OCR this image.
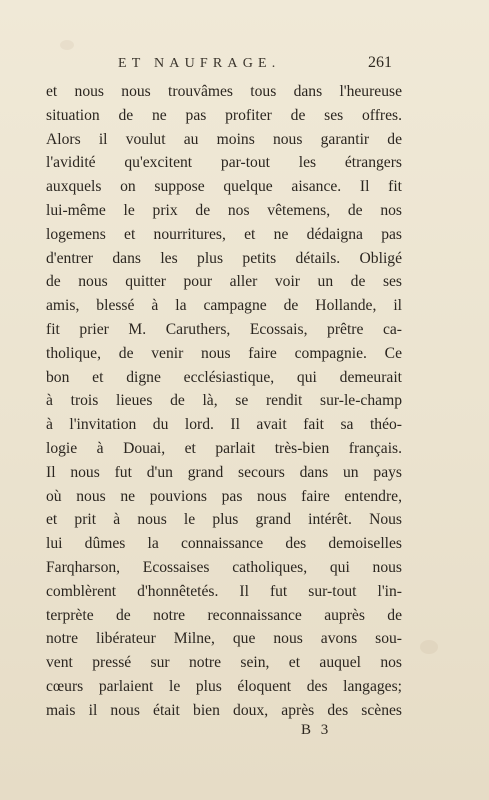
ET NAUFRAGE.	261
et nous nous trouvâmes tous dans l'heureuse
situation de ne pas profiter de ses offres.
Alors il voulut au moins nous garantir de
l'avidité qu'excitent par-tout les étrangers
auxquels on suppose quelque aisance. Il fit
lui-même le prix de nos vêtemens, de nos
logemens et nourritures, et ne dédaigna pas
d'entrer dans les plus petits détails. Obligé
de nous quitter pour aller voir un de ses
amis, blessé à la campagne de Hollande, il
fit prier M. Caruthers, Ecossais, prêtre ca-
tholique, de venir nous faire compagnie. Ce
bon et digne ecclésiastique, qui demeurait
à trois lieues de là, se rendit sur-le-champ
à l'invitation du lord. Il avait fait sa théo-
logie à Douai, et parlait très-bien français.
Il nous fut d'un grand secours dans un pays
où nous ne pouvions pas nous faire entendre,
et prit à nous le plus grand intérêt. Nous
lui dûmes la connaissance des demoiselles
Farqharson, Ecossaises catholiques, qui nous
comblèrent d'honnêtetés. Il fut sur-tout l'in-
terprète de notre reconnaissance auprès de
notre libérateur Milne, que nous avons sou-
vent pressé sur notre sein, et auquel nos
cœurs parlaient le plus éloquent des langages;
mais il nous était bien doux, après des scènes
B 3
